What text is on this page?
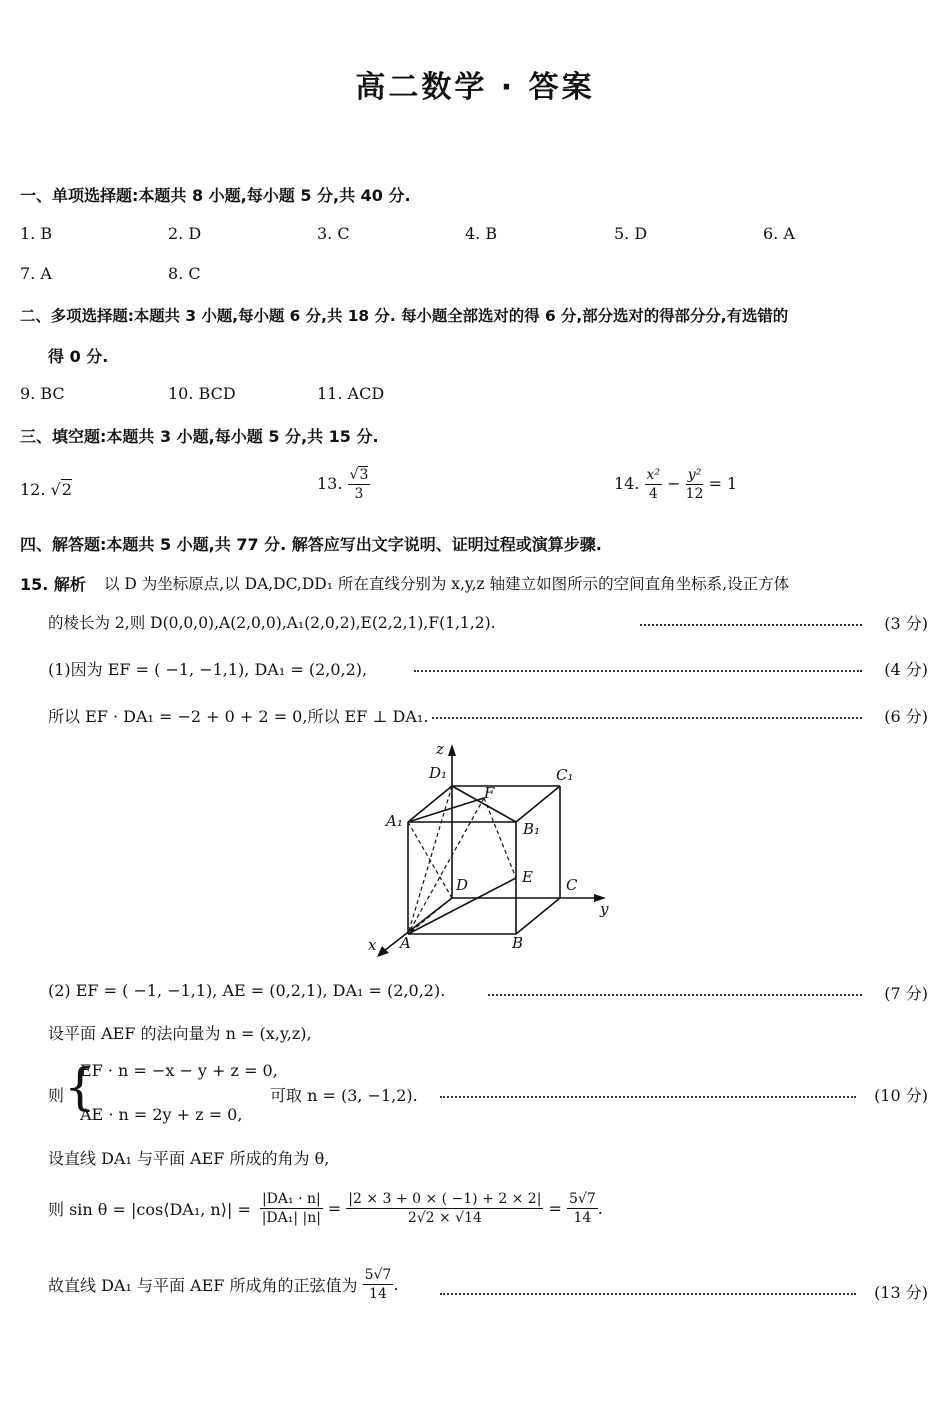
高二数学 · 答案
一、单项选择题:本题共 8 小题,每小题 5 分,共 40 分.
1. B	2. D	3. C	4. B	5. D	6. A
7. A	8. C
二、多项选择题:本题共 3 小题,每小题 6 分,共 18 分. 每小题全部选对的得 6 分,部分选对的得部分分,有选错的
得 0 分.
9. BC	10. BCD	11. ACD
三、填空题:本题共 3 小题,每小题 5 分,共 15 分.
12. √2	13. $\frac{√3}{3}$	14. $\frac{\text{x²}}{4} - \frac{\text{y²}}{12} = 1$
四、解答题:本题共 5 小题,共 77 分. 解答应写出文字说明、证明过程或演算步骤.
15. 解析 以 D 为坐标原点,以 DA,DC,DD₁ 所在直线分别为 x,y,z 轴建立如图所示的空间直角坐标系,设正方体
的棱长为 2,则 D(0,0,0),A(2,0,0),A₁(2,0,2),E(2,2,1),F(1,1,2).	(3 分)
(1)因为 EF = ( −1, −1,1), DA₁ = (2,0,2),	(4 分)
所以 EF · DA₁ = −2 + 0 + 2 = 0,所以 EF ⊥ DA₁.	(6 分)
z
D₁	C₁
A₁	B₁
F
E
D	C
y
x A	B
(2) EF = ( −1, −1,1), AE = (0,2,1), DA₁ = (2,0,2).	(7 分)
设平面 AEF 的法向量为 n = (x,y,z),
则 {
EF · n = −x − y + z = 0,
AE · n = 2y + z = 0,
可取 n = (3, −1,2).	(10 分)
设直线 DA₁ 与平面 AEF 所成的角为 θ,
则 sin θ = |cos⟨DA₁, n⟩| = $\frac{\text{|DA₁ · n|}}{\text{|DA₁| |n|}} = \frac{|2 \times 3 + 0 \times ( -1) + 2 \times 2|}{2√2 \times √14} = \frac{5√7}{14}$ .
故直线 DA₁ 与平面 AEF 所成角的正弦值为 $\frac{5√7}{14}$ .	(13 分)
